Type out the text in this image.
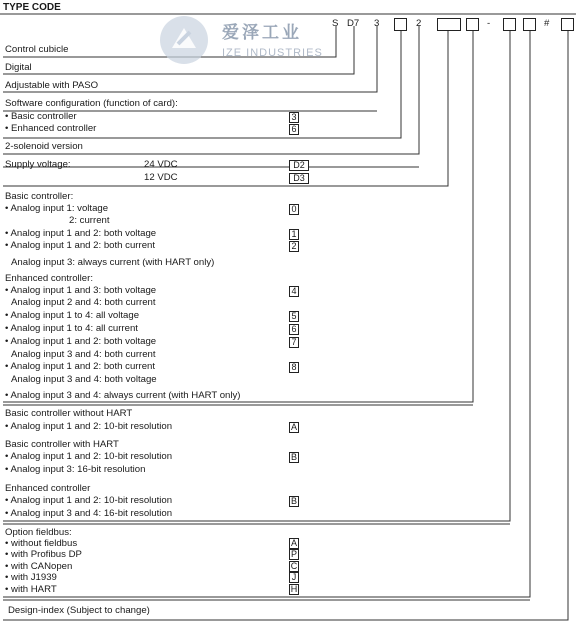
爱泽工业
IZE INDUSTRIES
TYPE CODE
S D7 3	2	-	#
Control cubicle
Digital
Adjustable with PASO
Software configuration (function of card):
• Basic controller	3
• Enhanced controller	6
2-solenoid version
Supply voltage:	24 VDC	D2
12 VDC	D3
Basic controller:
• Analog input 1: voltage	0
2: current
• Analog input 1 and 2: both voltage	1
• Analog input 1 and 2: both current	2
Analog input 3: always current (with HART only)
Enhanced controller:
• Analog input 1 and 3: both voltage	4
Analog input 2 and 4: both current
• Analog input 1 to 4: all voltage	5
• Analog input 1 to 4: all current	6
• Analog input 1 and 2: both voltage	7
Analog input 3 and 4: both current
• Analog input 1 and 2: both current	8
Analog input 3 and 4: both voltage
• Analog input 3 and 4: always current (with HART only)
Basic controller without HART
• Analog input 1 and 2: 10-bit resolution	A
Basic controller with HART
• Analog input 1 and 2: 10-bit resolution	B
• Analog input 3: 16-bit resolution
Enhanced controller
• Analog input 1 and 2: 10-bit resolution	B
• Analog input 3 and 4: 16-bit resolution
Option fieldbus:
• without fieldbus	A
• with Profibus DP	P
• with CANopen	C
• with J1939	J
• with HART	H
Design-index (Subject to change)
